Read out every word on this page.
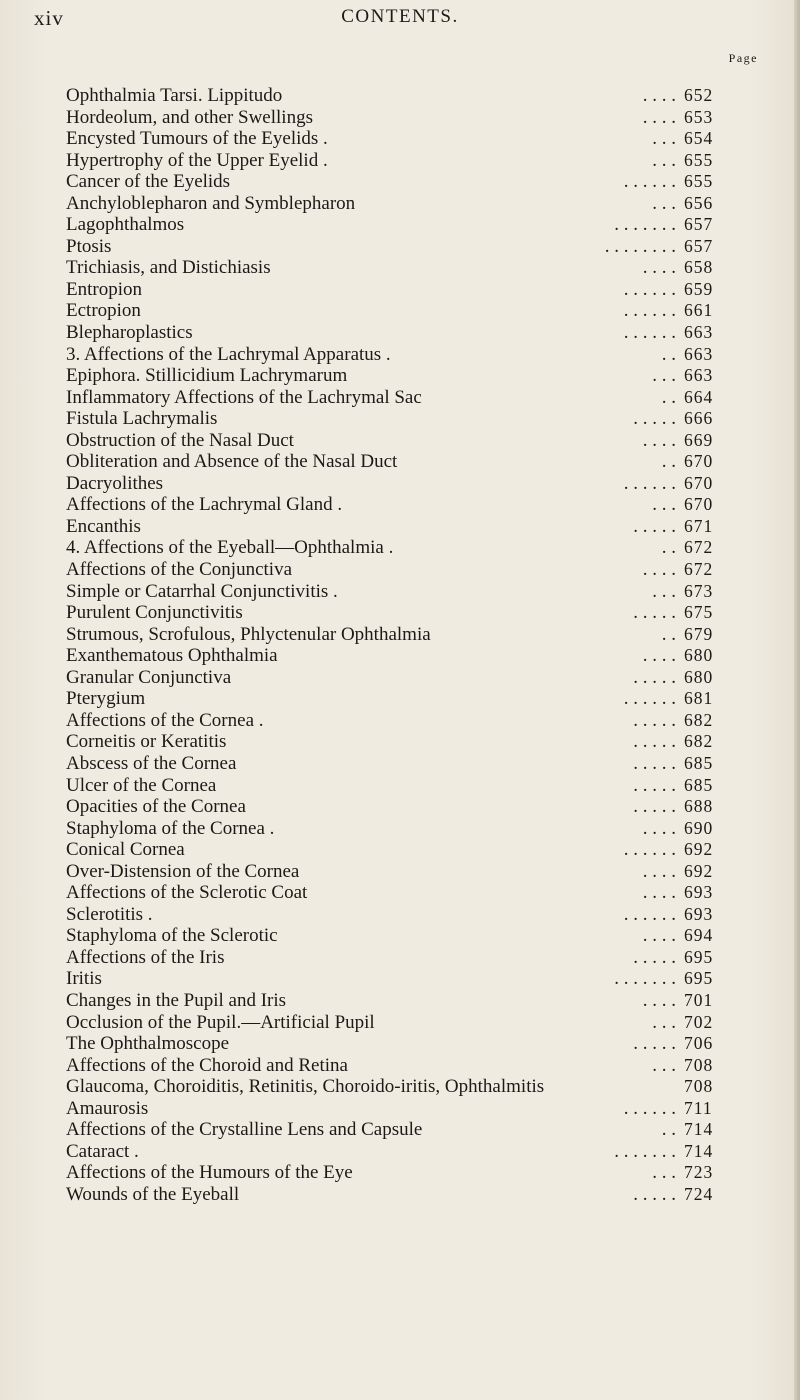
xiv	CONTENTS.
Page
Ophthalmia Tarsi. Lippitudo	. . . . 652
Hordeolum, and other Swellings	. . . . 653
Encysted Tumours of the Eyelids .	. . . 654
Hypertrophy of the Upper Eyelid .	. . . 655
Cancer of the Eyelids	. . . . . . 655
Anchyloblepharon and Symblepharon	. . . 656
Lagophthalmos	. . . . . . . 657
Ptosis	. . . . . . . . 657
Trichiasis, and Distichiasis	. . . . 658
Entropion	. . . . . . 659
Ectropion	. . . . . . 661
Blepharoplastics	. . . . . . 663
3. Affections of the Lachrymal Apparatus .	. . 663
Epiphora. Stillicidium Lachrymarum	. . . 663
Inflammatory Affections of the Lachrymal Sac	. . 664
Fistula Lachrymalis	. . . . . 666
Obstruction of the Nasal Duct	. . . . 669
Obliteration and Absence of the Nasal Duct	. . 670
Dacryolithes	. . . . . . 670
Affections of the Lachrymal Gland .	. . . 670
Encanthis	. . . . . 671
4. Affections of the Eyeball—Ophthalmia .	. . 672
Affections of the Conjunctiva	. . . . 672
Simple or Catarrhal Conjunctivitis .	. . . 673
Purulent Conjunctivitis	. . . . . 675
Strumous, Scrofulous, Phlyctenular Ophthalmia	. . 679
Exanthematous Ophthalmia	. . . . 680
Granular Conjunctiva	. . . . . 680
Pterygium	. . . . . . 681
Affections of the Cornea .	. . . . . 682
Corneitis or Keratitis	. . . . . 682
Abscess of the Cornea	. . . . . 685
Ulcer of the Cornea	. . . . . 685
Opacities of the Cornea	. . . . . 688
Staphyloma of the Cornea .	. . . . 690
Conical Cornea	. . . . . . 692
Over-Distension of the Cornea	. . . . 692
Affections of the Sclerotic Coat	. . . . 693
Sclerotitis .	. . . . . . 693
Staphyloma of the Sclerotic	. . . . 694
Affections of the Iris	. . . . . 695
Iritis	. . . . . . . 695
Changes in the Pupil and Iris	. . . . 701
Occlusion of the Pupil.—Artificial Pupil	. . . 702
The Ophthalmoscope	. . . . . 706
Affections of the Choroid and Retina	. . . 708
Glaucoma, Choroiditis, Retinitis, Choroido-iritis, Ophthalmitis	708
Amaurosis	. . . . . . 711
Affections of the Crystalline Lens and Capsule	. . 714
Cataract .	. . . . . . . 714
Affections of the Humours of the Eye	. . . 723
Wounds of the Eyeball	. . . . . 724
